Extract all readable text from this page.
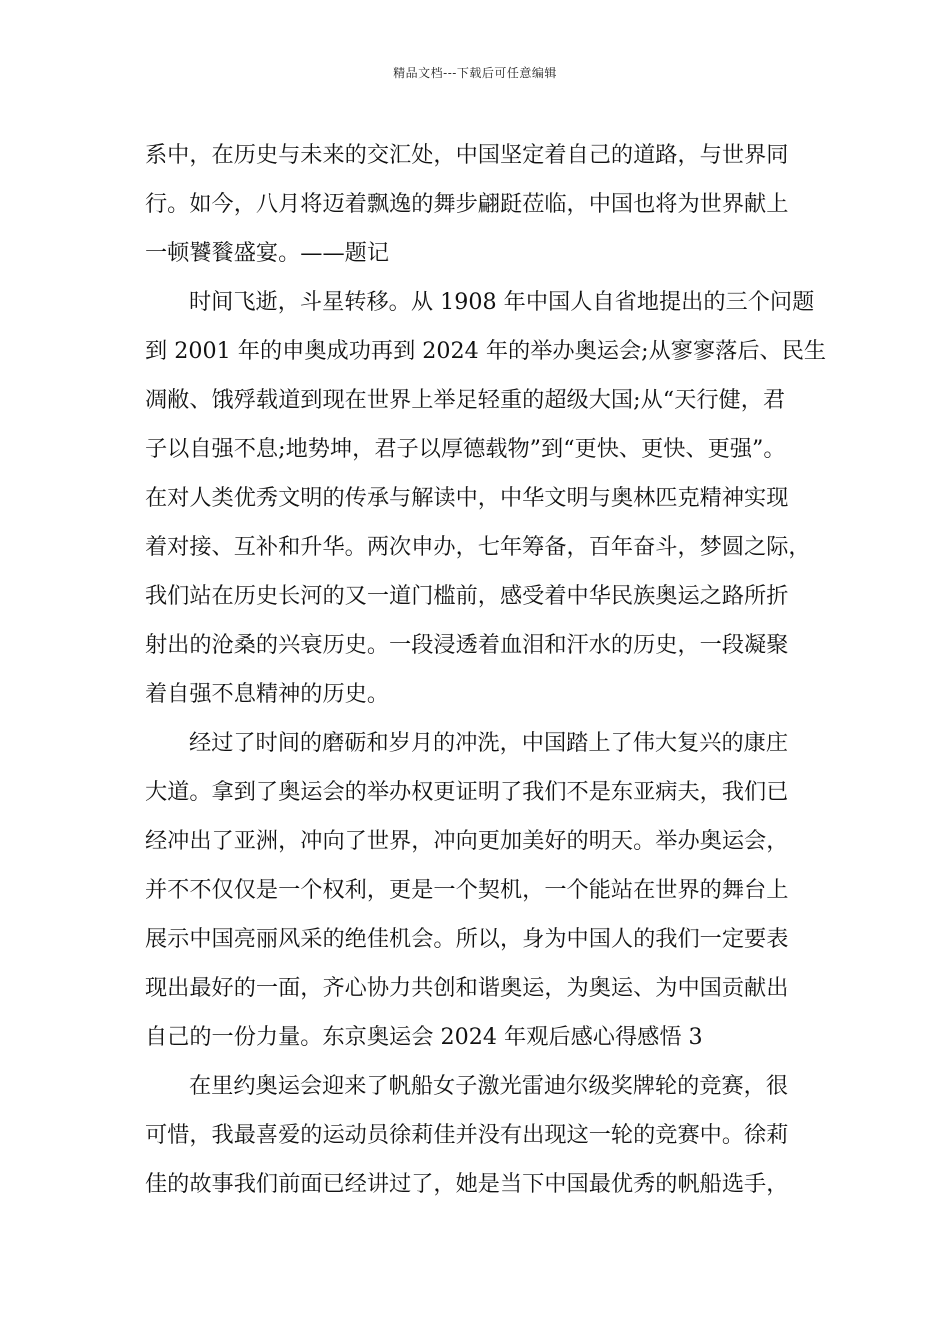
精品文档---下载后可任意编辑
系中，在历史与未来的交汇处，中国坚定着自己的道路，与世界同
行。如今，八月将迈着飘逸的舞步翩跹莅临，中国也将为世界献上
一顿饕餮盛宴。——题记
时间飞逝，斗星转移。从 1908 年中国人自省地提出的三个问题
到 2001 年的申奥成功再到 2024 年的举办奥运会;从寥寥落后、民生
凋敝、饿殍载道到现在世界上举足轻重的超级大国;从“天行健，君
子以自强不息;地势坤，君子以厚德载物”到“更快、更快、更强”。
在对人类优秀文明的传承与解读中，中华文明与奥林匹克精神实现
着对接、互补和升华。两次申办，七年筹备，百年奋斗，梦圆之际，
我们站在历史长河的又一道门槛前，感受着中华民族奥运之路所折
射出的沧桑的兴衰历史。一段浸透着血泪和汗水的历史，一段凝聚
着自强不息精神的历史。
经过了时间的磨砺和岁月的冲洗，中国踏上了伟大复兴的康庄
大道。拿到了奥运会的举办权更证明了我们不是东亚病夫，我们已
经冲出了亚洲，冲向了世界，冲向更加美好的明天。举办奥运会，
并不不仅仅是一个权利，更是一个契机，一个能站在世界的舞台上
展示中国亮丽风采的绝佳机会。所以，身为中国人的我们一定要表
现出最好的一面，齐心协力共创和谐奥运，为奥运、为中国贡献出
自己的一份力量。东京奥运会 2024 年观后感心得感悟 3
在里约奥运会迎来了帆船女子激光雷迪尔级奖牌轮的竞赛，很
可惜，我最喜爱的运动员徐莉佳并没有出现这一轮的竞赛中。徐莉
佳的故事我们前面已经讲过了，她是当下中国最优秀的帆船选手，
